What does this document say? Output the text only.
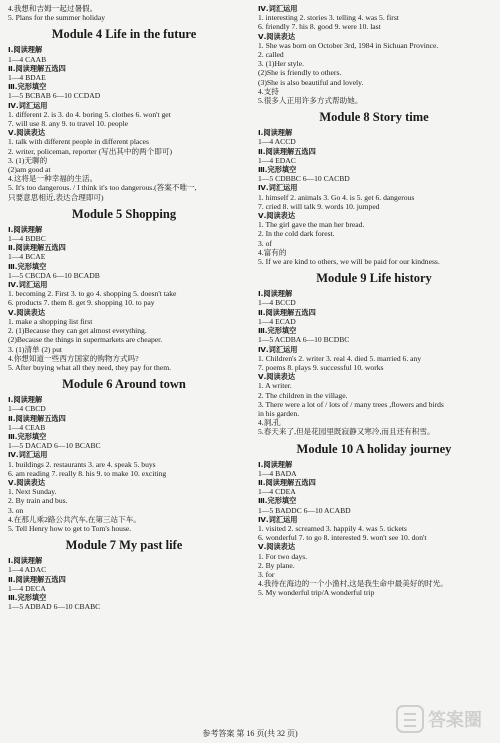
4.我想和吉姆一起过暑假。
5. Plans for the summer holiday
Module 4 Life in the future
Ⅰ.阅读理解
1—4 CAAB
Ⅱ.阅读理解五选四
1—4 BDAE
Ⅲ.完形填空
1—5 BCBAB 6—10 CCDAD
Ⅳ.词汇运用
1. different 2. is 3. do 4. boring 5. clothes 6. won't get
7. will use 8. any 9. to travel 10. people
Ⅴ.阅读表达
1. talk with different people in different places
2. writer, policeman, reporter (写出其中的两个即可)
3. (1)无聊的
(2)am good at
4.这将是一种幸福的生活。
5. It's too dangerous. / I think it's too dangerous.(答案不唯一,
只要意思相近,表达合理即可)
Module 5 Shopping
Ⅰ.阅读理解
1—4 BDBC
Ⅱ.阅读理解五选四
1—4 BCAE
Ⅲ.完形填空
1—5 CBCDA 6—10 BCADB
Ⅳ.词汇运用
1. becoming 2. First 3. to go 4. shopping 5. doesn't take
6. products 7. them 8. get 9. shopping 10. to pay
Ⅴ.阅读表达
1. make a shopping list first
2. (1)Because they can get almost everything.
(2)Because the things in supermarkets are cheaper.
3. (1)清单 (2) put
4.你想知道一些西方国家的购物方式吗?
5. After buying what all they need, they pay for them.
Module 6 Around town
Ⅰ.阅读理解
1—4 CBCD
Ⅱ.阅读理解五选四
1—4 CEAB
Ⅲ.完形填空
1—5 DACAD 6—10 BCABC
Ⅳ.词汇运用
1. buildings 2. restaurants 3. are 4. speak 5. buys
6. am reading 7. really 8. his 9. to make 10. exciting
Ⅴ.阅读表达
1. Next Sunday.
2. By train and bus.
3. on
4.在那儿乘2路公共汽车,在第三站下车。
5. Tell Henry how to get to Tom's house.
Module 7 My past life
Ⅰ.阅读理解
1—4 ADAC
Ⅱ.阅读理解五选四
1—4 DECA
Ⅲ.完形填空
1—5 ADBAD 6—10 CBABC
Ⅳ.词汇运用
1. interesting 2. stories 3. telling 4. was 5. first
6. friendly 7. his 8. good 9. were 10. last
Ⅴ.阅读表达
1. She was born on October 3rd, 1984 in Sichuan Province.
2. called
3. (1)Her style.
(2)She is friendly to others.
(3)She is also beautiful and lovely.
4.支持
5.很多人正用许多方式帮助她。
Module 8 Story time
Ⅰ.阅读理解
1—4 ACCD
Ⅱ.阅读理解五选四
1—4 EDAC
Ⅲ.完形填空
1—5 CDBBC 6—10 CACBD
Ⅳ.词汇运用
1. himself 2. animals 3. Go 4. is 5. get 6. dangerous
7. cried 8. will talk 9. words 10. jumped
Ⅴ.阅读表达
1. The girl gave the man her bread.
2. In the cold dark forest.
3. of
4.富有的
5. If we are kind to others, we will be paid for our kindness.
Module 9 Life history
Ⅰ.阅读理解
1—4 BCCD
Ⅱ.阅读理解五选四
1—4 ECAD
Ⅲ.完形填空
1—5 ACDBA 6—10 BCDBC
Ⅳ.词汇运用
1. Children's 2. writer 3. real 4. died 5. married 6. any
7. poems 8. plays 9. successful 10. works
Ⅴ.阅读表达
1. A writer.
2. The children in the village.
3. There were a lot of / lots of / many trees ,flowers and birds
in his garden.
4.洞,孔
5.春天来了,但是花园里既寂静又寒冷,而且还有积雪。
Module 10 A holiday journey
Ⅰ.阅读理解
1—4 BADA
Ⅱ.阅读理解五选四
1—4 CDEA
Ⅲ.完形填空
1—5 BADDC 6—10 ACABD
Ⅳ.词汇运用
1. visited 2. screamed 3. happily 4. was 5. tickets
6. wonderful 7. to go 8. interested 9. won't see 10. don't
Ⅴ.阅读表达
1. For two days.
2. By plane.
3. for
4.我待在海边的一个小渔村,这是我生命中最美好的时光。
5. My wonderful trip/A wonderful trip
答案圈
参考答案 第 16 页(共 32 页)
